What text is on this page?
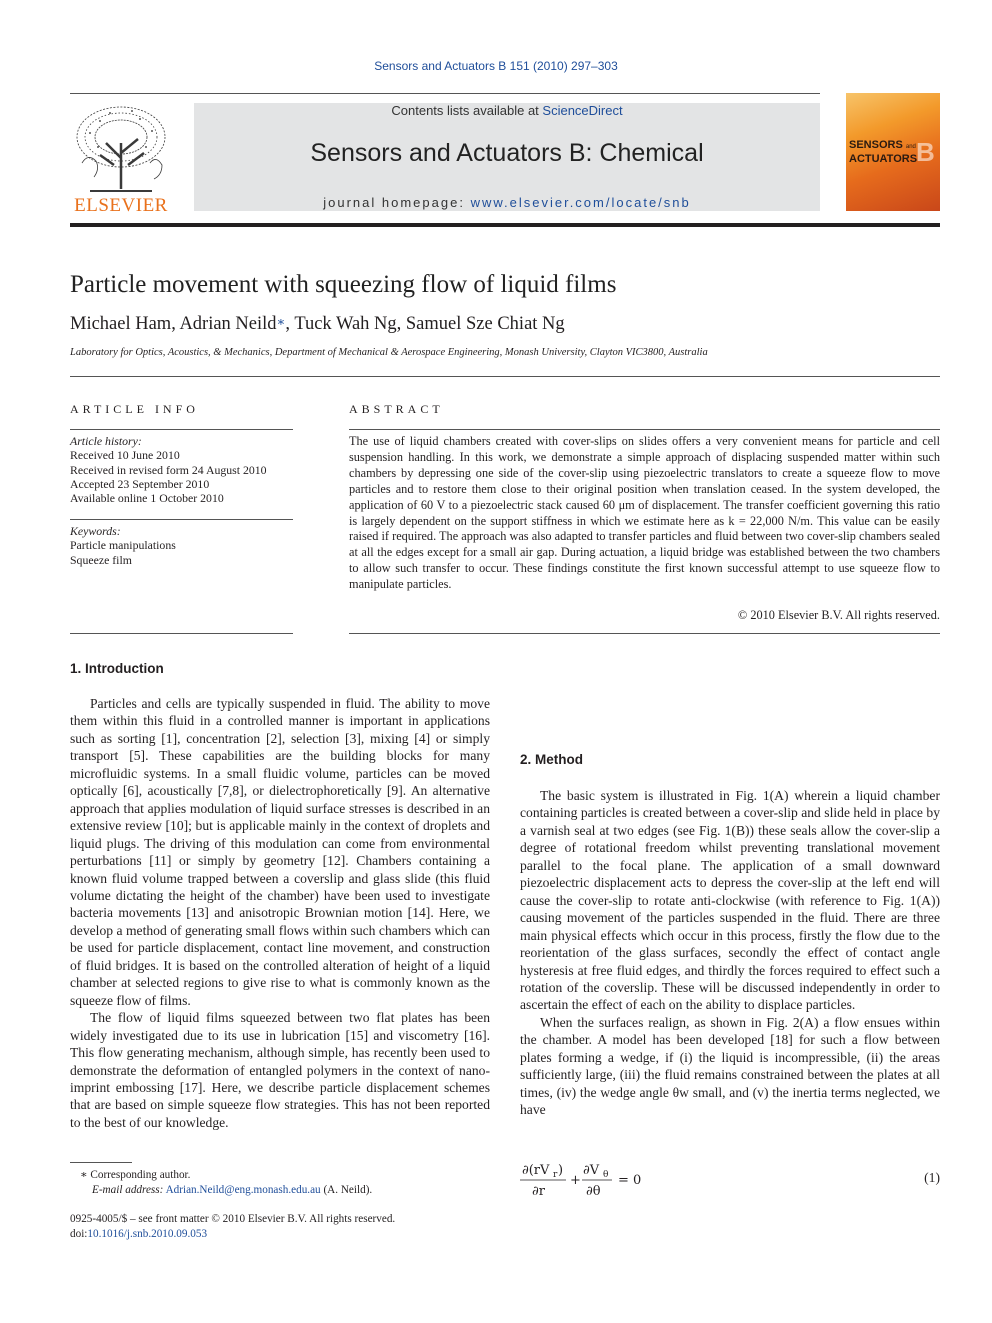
Sensors and Actuators B 151 (2010) 297–303
ELSEVIER
Contents lists available at ScienceDirect
Sensors and Actuators B: Chemical
journal homepage: www.elsevier.com/locate/snb
B
SENSORS and
ACTUATORS
Particle movement with squeezing flow of liquid films
Michael Ham, Adrian Neild∗, Tuck Wah Ng, Samuel Sze Chiat Ng
Laboratory for Optics, Acoustics, & Mechanics, Department of Mechanical & Aerospace Engineering, Monash University, Clayton VIC3800, Australia
ARTICLE INFO
Article history:
Received 10 June 2010
Received in revised form 24 August 2010
Accepted 23 September 2010
Available online 1 October 2010
Keywords:
Particle manipulations
Squeeze film
ABSTRACT
The use of liquid chambers created with cover-slips on slides offers a very convenient means for particle and cell suspension handling. In this work, we demonstrate a simple approach of displacing suspended matter within such chambers by depressing one side of the cover-slip using piezoelectric translators to create a squeeze flow to move particles and to restore them close to their original position when translation ceased. In the system developed, the application of 60 V to a piezoelectric stack caused 60 μm of displacement. The transfer coefficient governing this ratio is largely dependent on the support stiffness in which we estimate here as k = 22,000 N/m. This value can be easily raised if required. The approach was also adapted to transfer particles and fluid between two cover-slip chambers sealed at all the edges except for a small air gap. During actuation, a liquid bridge was established between the two chambers to allow such transfer to occur. These findings constitute the first known successful attempt to use squeeze flow to manipulate particles.
© 2010 Elsevier B.V. All rights reserved.
1. Introduction

Particles and cells are typically suspended in fluid. The ability to move them within this fluid in a controlled manner is important in applications such as sorting [1], concentration [2], selection [3], mixing [4] or simply transport [5]. These capabilities are the building blocks for many microfluidic systems. In a small fluidic volume, particles can be moved optically [6], acoustically [7,8], or dielectrophoretically [9]. An alternative approach that applies modulation of liquid surface stresses is described in an extensive review [10]; but is applicable mainly in the context of droplets and liquid plugs. The driving of this modulation can come from environmental perturbations [11] or simply by geometry [12]. Chambers containing a known fluid volume trapped between a coverslip and glass slide (this fluid volume dictating the height of the chamber) have been used to investigate bacteria movements [13] and anisotropic Brownian motion [14]. Here, we develop a method of generating small flows within such chambers which can be used for particle displacement, contact line movement, and construction of fluid bridges. It is based on the controlled alteration of height of a liquid chamber at selected regions to give rise to what is commonly known as the squeeze flow of films.

The flow of liquid films squeezed between two flat plates has been widely investigated due to its use in lubrication [15] and viscometry [16]. This flow generating mechanism, although simple, has recently been used to demonstrate the deformation of entangled polymers in the context of nano-imprint embossing [17]. Here, we describe particle displacement schemes that are based on simple squeeze flow strategies. This has not been reported to the best of our knowledge.

2. Method

The basic system is illustrated in Fig. 1(A) wherein a liquid chamber containing particles is created between a cover-slip and slide held in place by a varnish seal at two edges (see Fig. 1(B)) these seals allow the cover-slip a degree of rotational freedom whilst preventing translational movement parallel to the focal plane. The application of a small downward piezoelectric displacement acts to depress the cover-slip at the left end will cause the cover-slip to rotate anti-clockwise (with reference to Fig. 1(A)) causing movement of the particles suspended in the fluid. There are three main physical effects which occur in this process, firstly the flow due to the reorientation of the glass surfaces, secondly the effect of contact angle hysteresis at free fluid edges, and thirdly the forces required to effect such a rotation of the coverslip. These will be discussed independently in order to ascertain the effect of each on the ability to displace particles.

When the surfaces realign, as shown in Fig. 2(A) a flow ensues within the chamber. A model has been developed [18] for such a flow between plates forming a wedge, if (i) the liquid is incompressible, (ii) the areas sufficiently large, (iii) the fluid remains constrained between the plates at all times, (iv) the wedge angle θw small, and (v) the inertia terms neglected, we have

∂(rV r )
∂r
+
∂V θ
∂θ
= 0	(1)
∗ Corresponding author.
E-mail address: Adrian.Neild@eng.monash.edu.au (A. Neild).
0925-4005/$ – see front matter © 2010 Elsevier B.V. All rights reserved.
doi:10.1016/j.snb.2010.09.053
